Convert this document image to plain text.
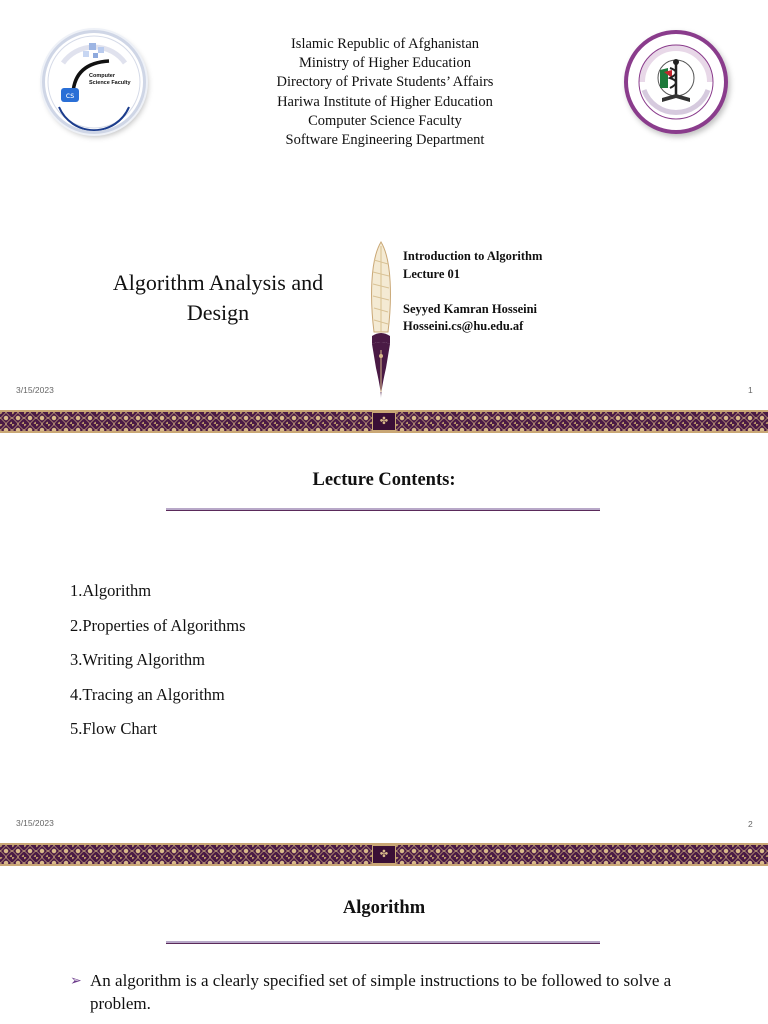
cs
Computer Science Faculty
Islamic Republic of Afghanistan
Ministry of Higher Education
Directory of Private Students’ Affairs
Hariwa Institute of Higher Education
Computer Science Faculty
Software Engineering Department
Algorithm Analysis and
Design
Introduction to Algorithm
Lecture 01
Seyyed Kamran Hosseini
Hosseini.cs@hu.edu.af
3/15/2023	1
✤
Lecture Contents:
1.Algorithm
2.Properties of Algorithms
3.Writing Algorithm
4.Tracing an Algorithm
5.Flow Chart
3/15/2023	2
✤
Algorithm
➢ An algorithm is a clearly specified set of simple instructions to be followed to solve a problem.
